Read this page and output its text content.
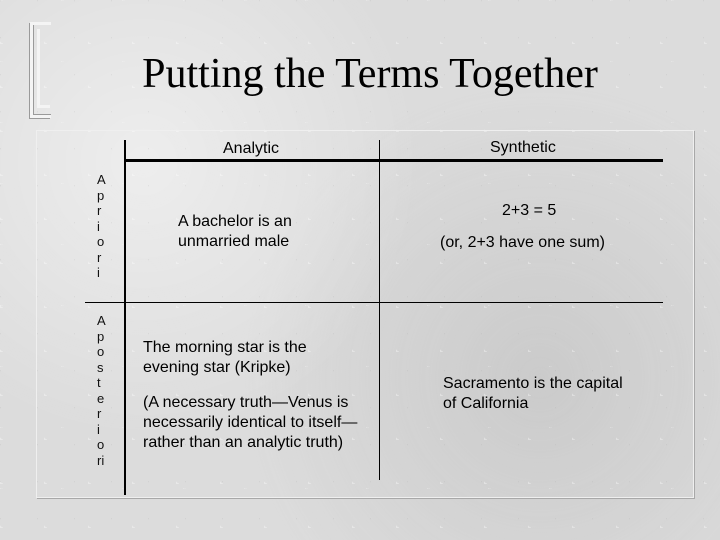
Putting the Terms Together
Analytic	Synthetic
A
p
r
i
o
r
i
A
p
o
s
t
e
r
i
o
ri
A bachelor is an unmarried male
2+3 = 5
(or, 2+3 have one sum)
The morning star is the evening star (Kripke)
(A necessary truth—Venus is necessarily identical to itself—rather than an analytic truth)
Sacramento is the capital of California
